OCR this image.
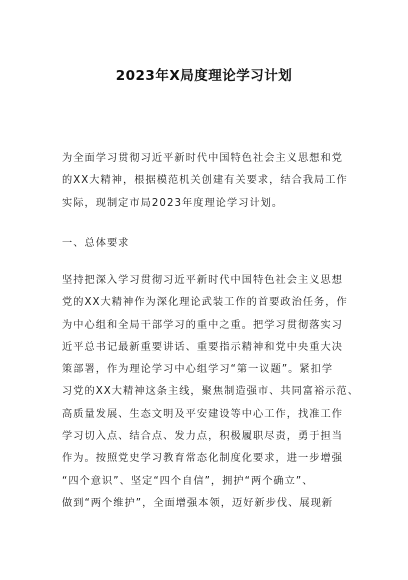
2023年X局度理论学习计划
为全面学习贯彻习近平新时代中国特色社会主义思想和党
的XX大精神，根据模范机关创建有关要求，结合我局工作
实际，现制定市局2023年度理论学习计划。
一、总体要求
坚持把深入学习贯彻习近平新时代中国特色社会主义思想
党的XX大精神作为深化理论武装工作的首要政治任务，作
为中心组和全局干部学习的重中之重。把学习贯彻落实习
近平总书记最新重要讲话、重要指示精神和党中央重大决
策部署，作为理论学习中心组学习“第一议题”。紧扣学
习党的XX大精神这条主线，聚焦制造强市、共同富裕示范、
高质量发展、生态文明及平安建设等中心工作，找准工作
学习切入点、结合点、发力点，积极履职尽责，勇于担当
作为。按照党史学习教育常态化制度化要求，进一步增强
“四个意识”、坚定“四个自信”，拥护“两个确立”、
做到“两个维护”，全面增强本领，迈好新步伐、展现新
